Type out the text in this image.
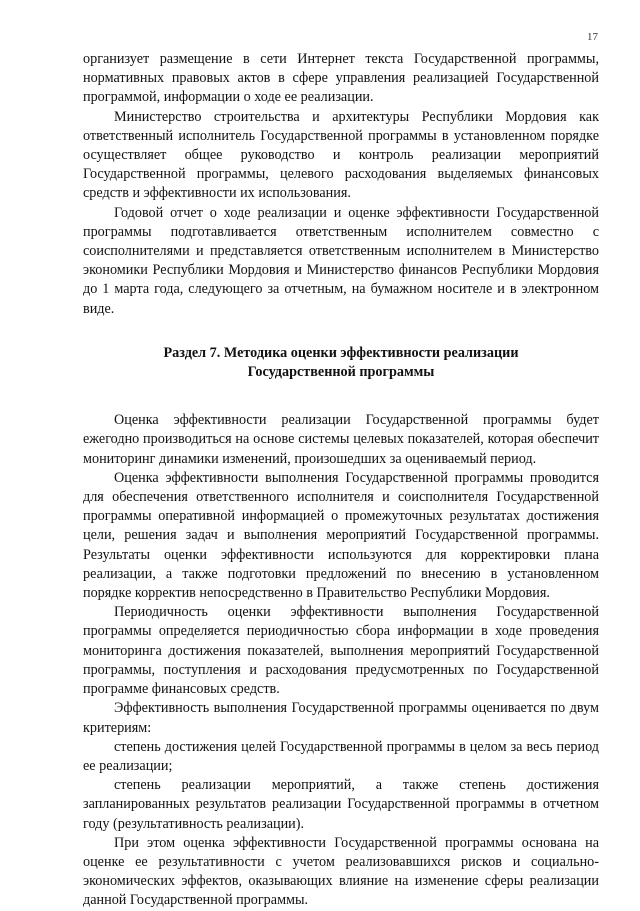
17

организует размещение в сети Интернет текста Государственной программы, нормативных правовых актов в сфере управления реализацией Государственной программой, информации о ходе ее реализации.

Министерство строительства и архитектуры Республики Мордовия как ответственный исполнитель Государственной программы в установленном порядке осуществляет общее руководство и контроль реализации мероприятий Государственной программы, целевого расходования выделяемых финансовых средств и эффективности их использования.

Годовой отчет о ходе реализации и оценке эффективности Государственной программы подготавливается ответственным исполнителем совместно с соисполнителями и представляется ответственным исполнителем в Министерство экономики Республики Мордовия и Министерство финансов Республики Мордовия до 1 марта года, следующего за отчетным, на бумажном носителе и в электронном виде.

Раздел 7. Методика оценки эффективности реализации
Государственной программы

Оценка эффективности реализации Государственной программы будет ежегодно производиться на основе системы целевых показателей, которая обеспечит мониторинг динамики изменений, произошедших за оцениваемый период.

Оценка эффективности выполнения Государственной программы проводится для обеспечения ответственного исполнителя и соисполнителя Государственной программы оперативной информацией о промежуточных результатах достижения цели, решения задач и выполнения мероприятий Государственной программы. Результаты оценки эффективности используются для корректировки плана реализации, а также подготовки предложений по внесению в установленном порядке корректив непосредственно в Правительство Республики Мордовия.

Периодичность оценки эффективности выполнения Государственной программы определяется периодичностью сбора информации в ходе проведения мониторинга достижения показателей, выполнения мероприятий Государственной программы, поступления и расходования предусмотренных по Государственной программе финансовых средств.

Эффективность выполнения Государственной программы оценивается по двум критериям:

степень достижения целей Государственной программы в целом за весь период ее реализации;

степень реализации мероприятий, а также степень достижения запланированных результатов реализации Государственной программы в отчетном году (результативность реализации).

При этом оценка эффективности Государственной программы основана на оценке ее результативности с учетом реализовавшихся рисков и социально-экономических эффектов, оказывающих влияние на изменение сферы реализации данной Государственной программы.
